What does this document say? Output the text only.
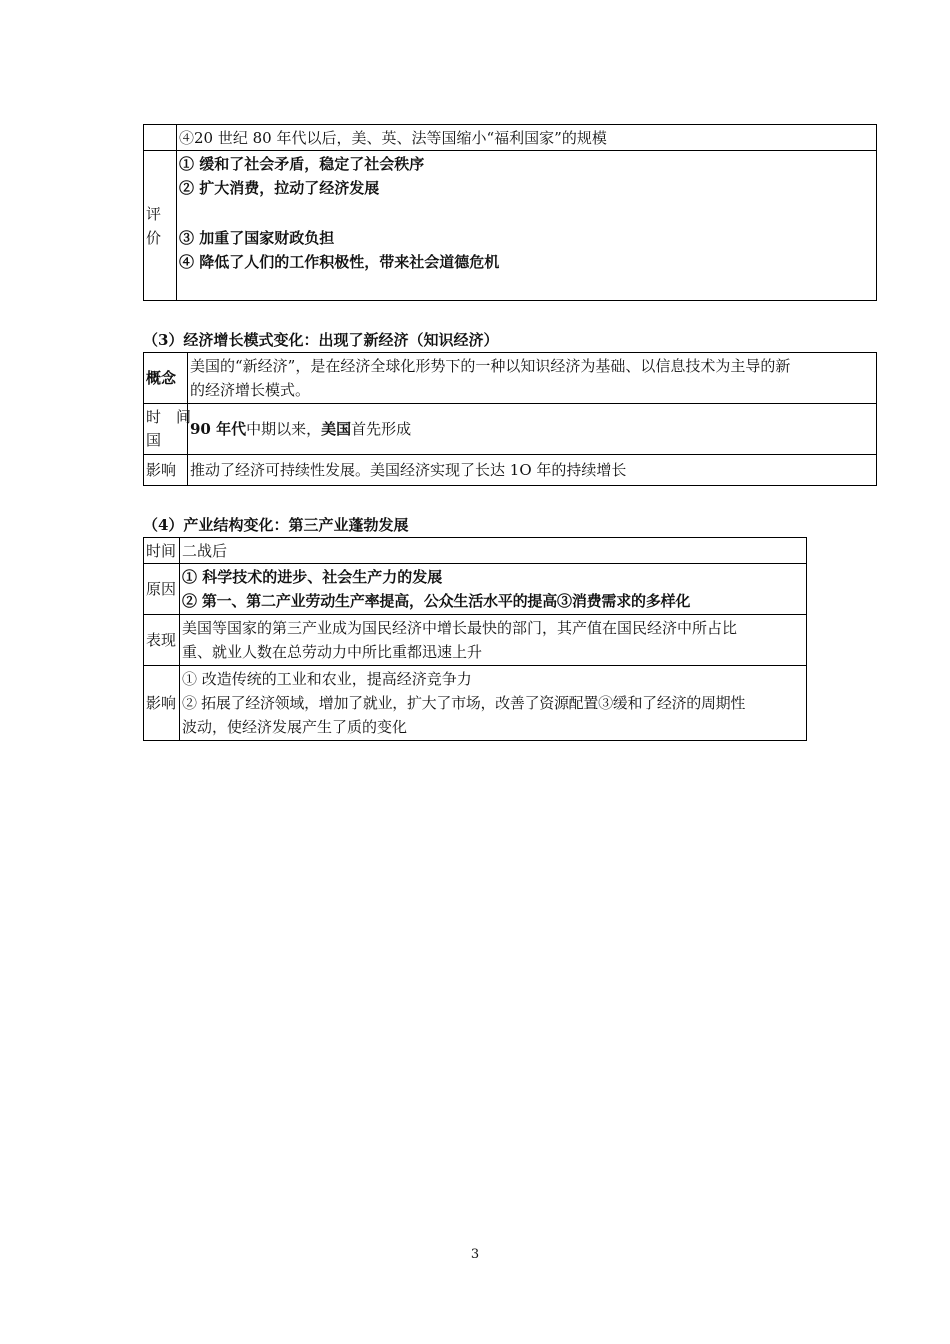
	④20 世纪 80 年代以后，美、英、法等国缩小“福利国家”的规模
评价	① 缓和了社会矛盾，稳定了社会秩序
② 扩大消费，拉动了经济发展
③ 加重了国家财政负担
④ 降低了人们的工作积极性，带来社会道德危机
（3）经济增长模式变化：出现了新经济（知识经济）
概念	美国的“新经济”，是在经济全球化形势下的一种以知识经济为基础、以信息技术为主导的新
的经济增长模式。

时　间
国	90 年代中期以来，美国首先形成
影响	推动了经济可持续性发展。美国经济实现了长达 1O 年的持续增长
（4）产业结构变化：第三产业蓬勃发展
时间	二战后
原因	① 科学技术的进步、社会生产力的发展
② 第一、第二产业劳动生产率提高，公众生活水平的提高③消费需求的多样化

表现	美国等国家的第三产业成为国民经济中增长最快的部门，其产值在国民经济中所占比
重、就业人数在总劳动力中所比重都迅速上升

影响	① 改造传统的工业和农业，提高经济竞争力
② 拓展了经济领域，增加了就业，扩大了市场，改善了资源配置③缓和了经济的周期性
波动，使经济发展产生了质的变化
3
